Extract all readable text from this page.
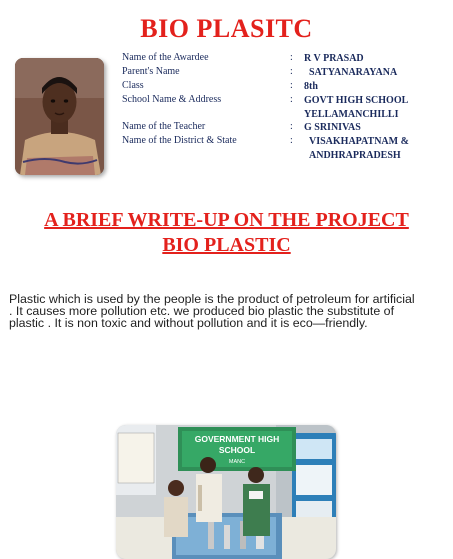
BIO PLASITC
Name of the Awardee	: R V PRASAD
Parent's Name	: SATYANARAYANA
Class	: 8th
School Name & Address	: GOVT HIGH SCHOOL YELLAMANCHILLI
Name of the Teacher	: G SRINIVAS
Name of the District & State	: VISAKHAPATNAM & ANDHRAPRADESH
A BRIEF WRITE-UP ON THE PROJECT
BIO PLASTIC
Plastic which is used by the people is the product of petroleum for artificial
. It causes more pollution etc. we produced bio plastic the substitute of
plastic . It is non toxic and without pollution and it is eco—friendly.
GOVERNMENT HIGH
SCHOOL
MANC
